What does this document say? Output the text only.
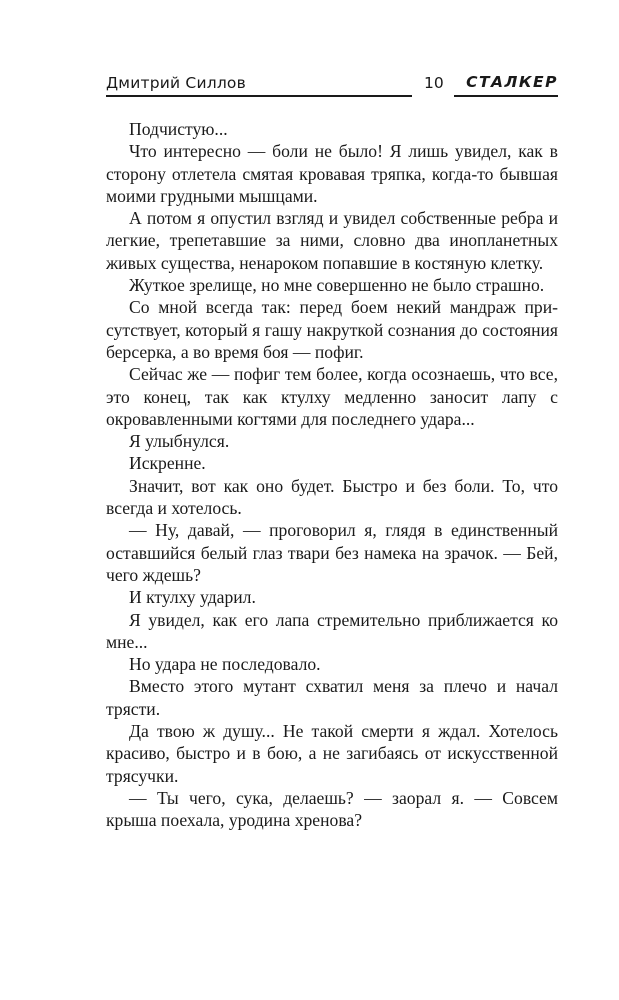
Дмитрий Силлов	10 СТАЛКЕР

Подчистую...

Что интересно — боли не было! Я лишь увидел, как в сторону отлетела смятая кровавая тряпка, когда-то бывшая моими грудными мышцами.

А потом я опустил взгляд и увидел собственные ребра и легкие, трепетавшие за ними, словно два инопланетных живых существа, ненароком попавшие в костяную клетку.

Жуткое зрелище, но мне совершенно не было страшно.

Со мной всегда так: перед боем некий мандраж присутствует, который я гашу накруткой сознания до состояния берсерка, а во время боя — пофиг.

Сейчас же — пофиг тем более, когда осознаешь, что все, это конец, так как ктулху медленно заносит лапу с окровавленными когтями для последнего удара...

Я улыбнулся.

Искренне.

Значит, вот как оно будет. Быстро и без боли. То, что всегда и хотелось.

— Ну, давай, — проговорил я, глядя в единственный оставшийся белый глаз твари без намека на зрачок. — Бей, чего ждешь?

И ктулху ударил.

Я увидел, как его лапа стремительно приближается ко мне...

Но удара не последовало.

Вместо этого мутант схватил меня за плечо и начал трясти.

Да твою ж душу... Не такой смерти я ждал. Хотелось красиво, быстро и в бою, а не загибаясь от искусственной трясучки.

— Ты чего, сука, делаешь? — заорал я. — Совсем крыша поехала, уродина хренова?
